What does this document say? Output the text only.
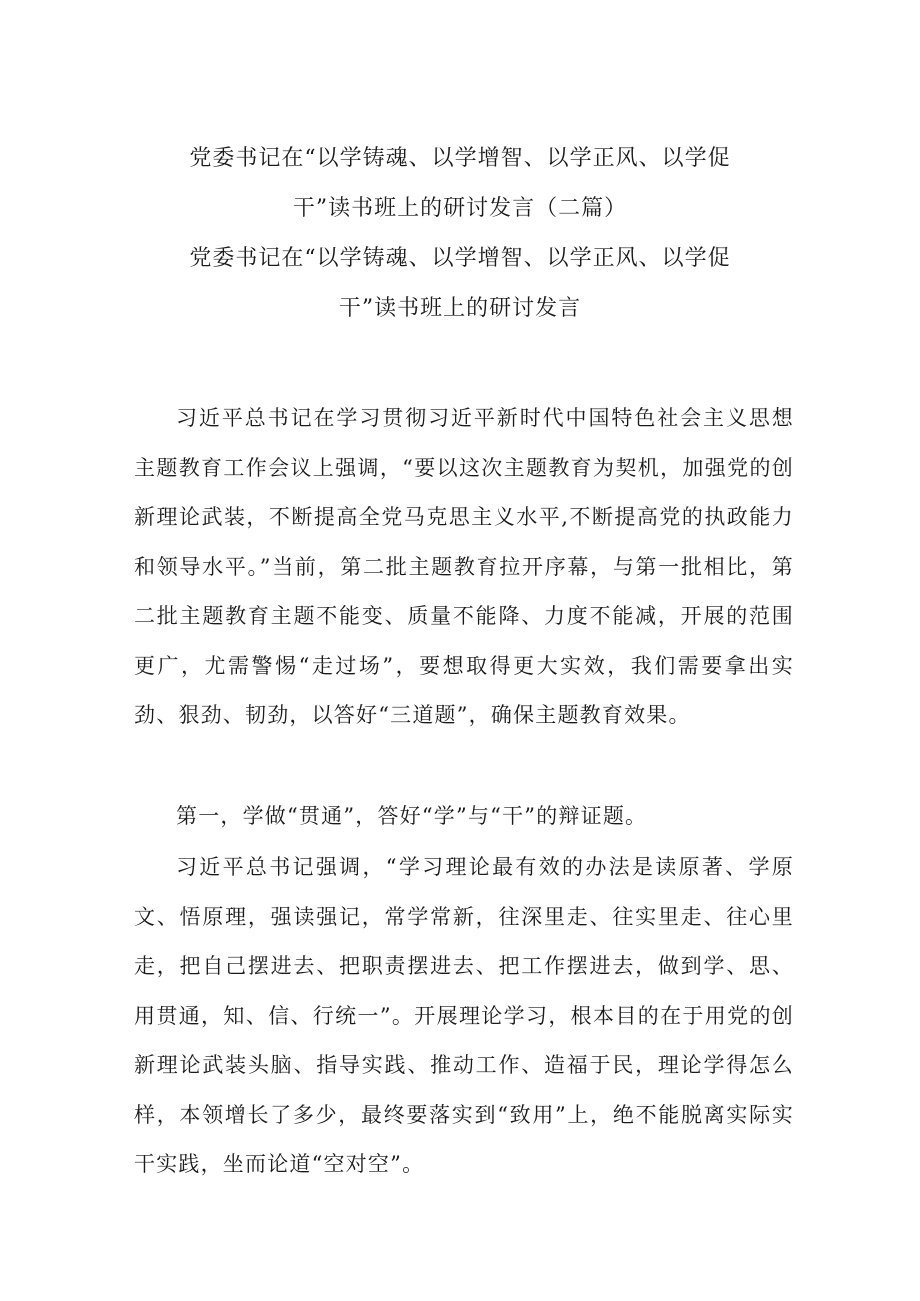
党委书记在“以学铸魂、以学增智、以学正风、以学促
干”读书班上的研讨发言（二篇）
党委书记在“以学铸魂、以学增智、以学正风、以学促
干”读书班上的研讨发言

习近平总书记在学习贯彻习近平新时代中国特色社会主义思想主题教育工作会议上强调，“要以这次主题教育为契机，加强党的创新理论武装，不断提高全党马克思主义水平,不断提高党的执政能力和领导水平。”当前，第二批主题教育拉开序幕，与第一批相比，第二批主题教育主题不能变、质量不能降、力度不能减，开展的范围更广，尤需警惕“走过场”，要想取得更大实效，我们需要拿出实劲、狠劲、韧劲，以答好“三道题”，确保主题教育效果。

第一，学做“贯通”，答好“学”与“干”的辩证题。

习近平总书记强调，“学习理论最有效的办法是读原著、学原文、悟原理，强读强记，常学常新，往深里走、往实里走、往心里走，把自己摆进去、把职责摆进去、把工作摆进去，做到学、思、用贯通，知、信、行统一”。开展理论学习，根本目的在于用党的创新理论武装头脑、指导实践、推动工作、造福于民，理论学得怎么样，本领增长了多少，最终要落实到“致用”上，绝不能脱离实际实干实践，坐而论道“空对空”。
